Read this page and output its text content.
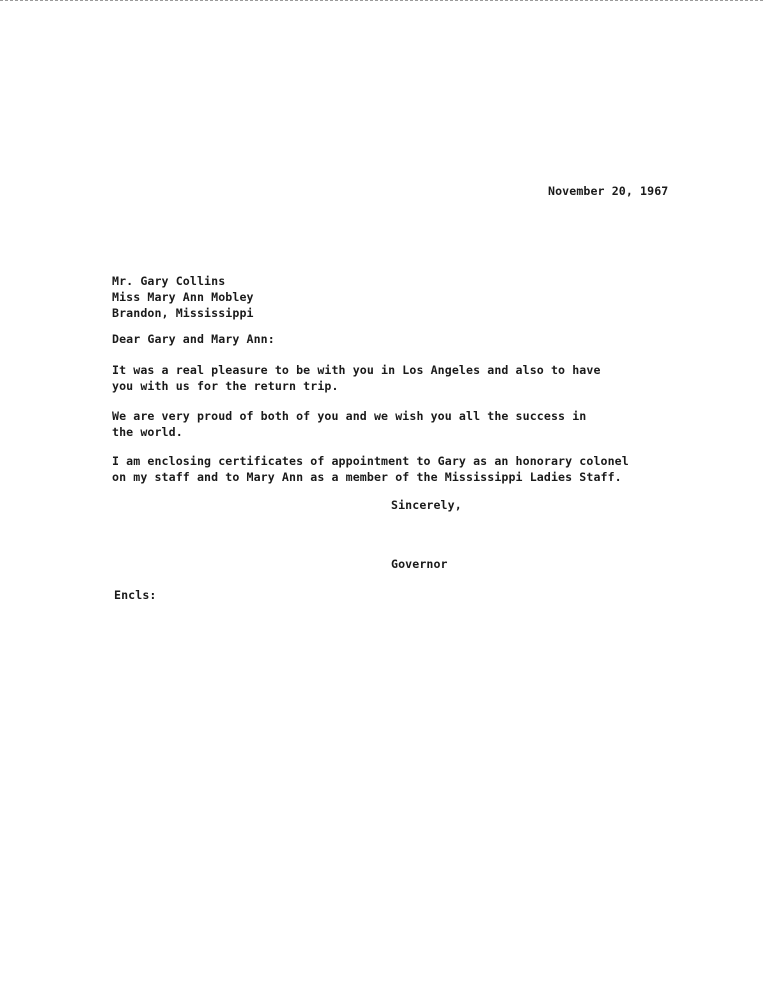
November 20, 1967
Mr. Gary Collins
Miss Mary Ann Mobley
Brandon, Mississippi
Dear Gary and Mary Ann:
It was a real pleasure to be with you in Los Angeles and also to have
you with us for the return trip.
We are very proud of both of you and we wish you all the success in
the world.
I am enclosing certificates of appointment to Gary as an honorary colonel
on my staff and to Mary Ann as a member of the Mississippi Ladies Staff.
Sincerely,
Governor
Encls:
